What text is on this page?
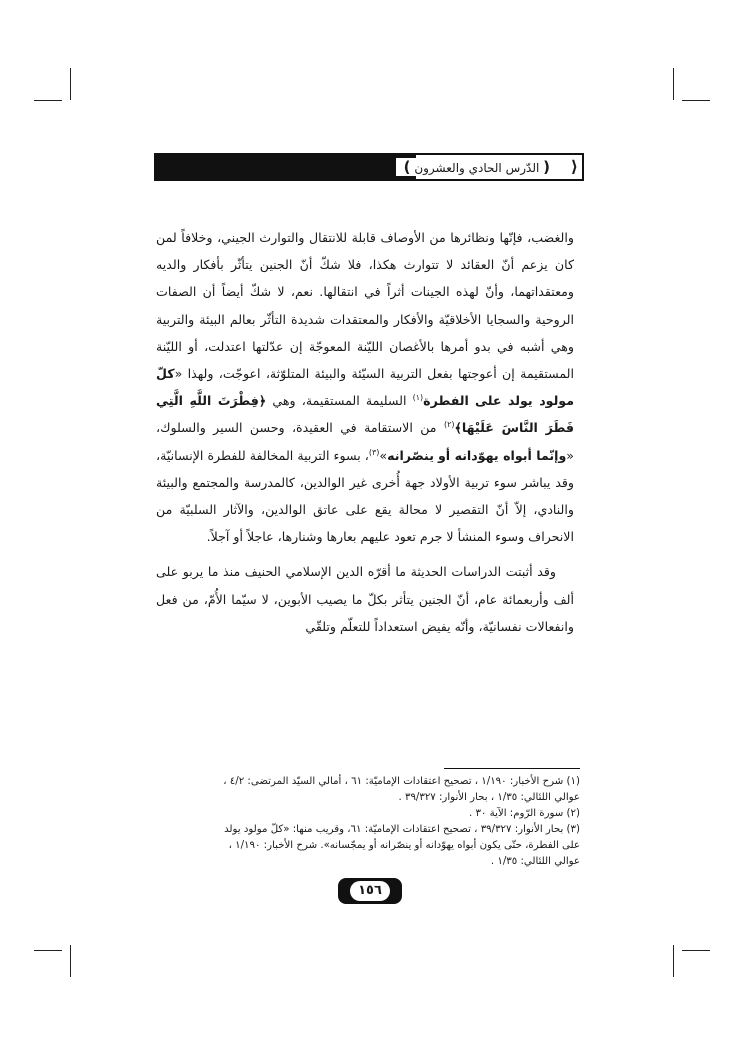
⟩
( الدّرس الحادي والعشرون )

والغضب، فإنّها ونظائرها من الأوصاف قابلة للانتقال والتوارث الجيني، وخلافاً لمن كان يزعم أنّ العقائد لا تتوارث هكذا، فلا شكّ أنّ الجنين يتأثّر بأفكار والديه ومعتقداتهما، وأنّ لهذه الجينات أثراً في انتقالها. نعم، لا شكّ أيضاً أن الصفات الروحية والسجايا الأخلاقيّة والأفكار والمعتقدات شديدة التأثّر بعالم البيئة والتربية وهي أشبه في بدو أمرها بالأغصان الليّنة المعوجّة إن عدّلتها اعتدلت، أو الليّنة المستقيمة إن أعوجتها بفعل التربية السيّئة والبيئة المتلوّثة، اعوجّت، ولهذا «كلّ مولود يولد على الفطرة$^{(١)}$ السليمة المستقيمة، وهي ﴿فِطْرَتَ اللَّهِ الَّتِي فَطَرَ النَّاسَ عَلَيْهَا﴾$^{(٢)}$ من الاستقامة في العقيدة، وحسن السير والسلوك، «وإنّما أبواه يهوّدانه أو ينصّرانه»$^{(٣)}$، بسوء التربية المخالفة للفطرة الإنسانيّة، وقد يباشر سوء تربية الأولاد جهة أُخرى غير الوالدين، كالمدرسة والمجتمع والبيئة والنادي، إلاّ أنّ التقصير لا محالة يقع على عاتق الوالدين، والآثار السلبيّة من الانحراف وسوء المنشأ لا جرم تعود عليهم بعارها وشنارها، عاجلاً أو آجلاً.

وقد أثبتت الدراسات الحديثة ما أقرّه الدين الإسلامي الحنيف منذ ما يربو على ألف وأربعمائة عام، أنّ الجنين يتأثر بكلّ ما يصيب الأبوين، لا سيّما الأُمّ، من فعل وانفعالات نفسانيّة، وأنّه يفيض استعداداً للتعلّم وتلقّي

(١) شرح الأخبار: ١/١٩٠ ، تصحيح اعتقادات الإماميّة: ٦١ ، أمالي السيّد المرتضى: ٤/٢ ،
عوالي اللئالي: ١/٣٥ ، بحار الأنوار: ٣٩/٣٢٧ .
(٢) سورة الرّوم: الآية ٣٠ .
(٣) بحار الأنوار: ٣٩/٣٢٧ ، تصحيح اعتقادات الإماميّة: ٦١، وقريب منها: «كلّ مولود يولد
على الفطرة، حتّى يكون أبواه يهوّدانه أو ينصّرانه أو يمجّسانه». شرح الأخبار: ١/١٩٠ ،
عوالي اللئالي: ١/٣٥ .
١٥٦
